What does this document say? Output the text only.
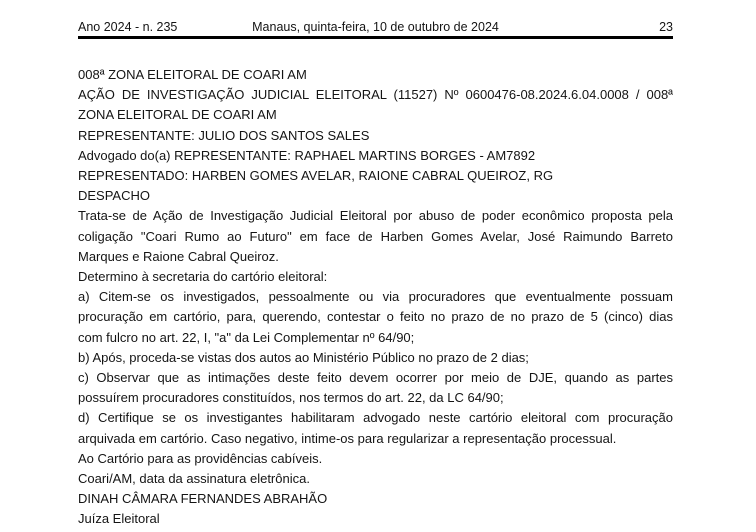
Ano 2024 - n. 235	Manaus, quinta-feira, 10 de outubro de 2024	23
008ª ZONA ELEITORAL DE COARI AM
AÇÃO DE INVESTIGAÇÃO JUDICIAL ELEITORAL (11527) Nº 0600476-08.2024.6.04.0008 / 008ª
ZONA ELEITORAL DE COARI AM
REPRESENTANTE: JULIO DOS SANTOS SALES
Advogado do(a) REPRESENTANTE: RAPHAEL MARTINS BORGES - AM7892
REPRESENTADO: HARBEN GOMES AVELAR, RAIONE CABRAL QUEIROZ, RG
DESPACHO
Trata-se de Ação de Investigação Judicial Eleitoral por abuso de poder econômico proposta pela
coligação "Coari Rumo ao Futuro" em face de Harben Gomes Avelar, José Raimundo Barreto
Marques e Raione Cabral Queiroz.
Determino à secretaria do cartório eleitoral:
a) Citem-se os investigados, pessoalmente ou via procuradores que eventualmente possuam
procuração em cartório, para, querendo, contestar o feito no prazo de no prazo de 5 (cinco) dias
com fulcro no art. 22, I, "a" da Lei Complementar nº 64/90;
b) Após, proceda-se vistas dos autos ao Ministério Público no prazo de 2 dias;
c) Observar que as intimações deste feito devem ocorrer por meio de DJE, quando as partes
possuírem procuradores constituídos, nos termos do art. 22, da LC 64/90;
d) Certifique se os investigantes habilitaram advogado neste cartório eleitoral com procuração
arquivada em cartório. Caso negativo, intime-os para regularizar a representação processual.
Ao Cartório para as providências cabíveis.
Coari/AM, data da assinatura eletrônica.
DINAH CÂMARA FERNANDES ABRAHÃO
Juíza Eleitoral
